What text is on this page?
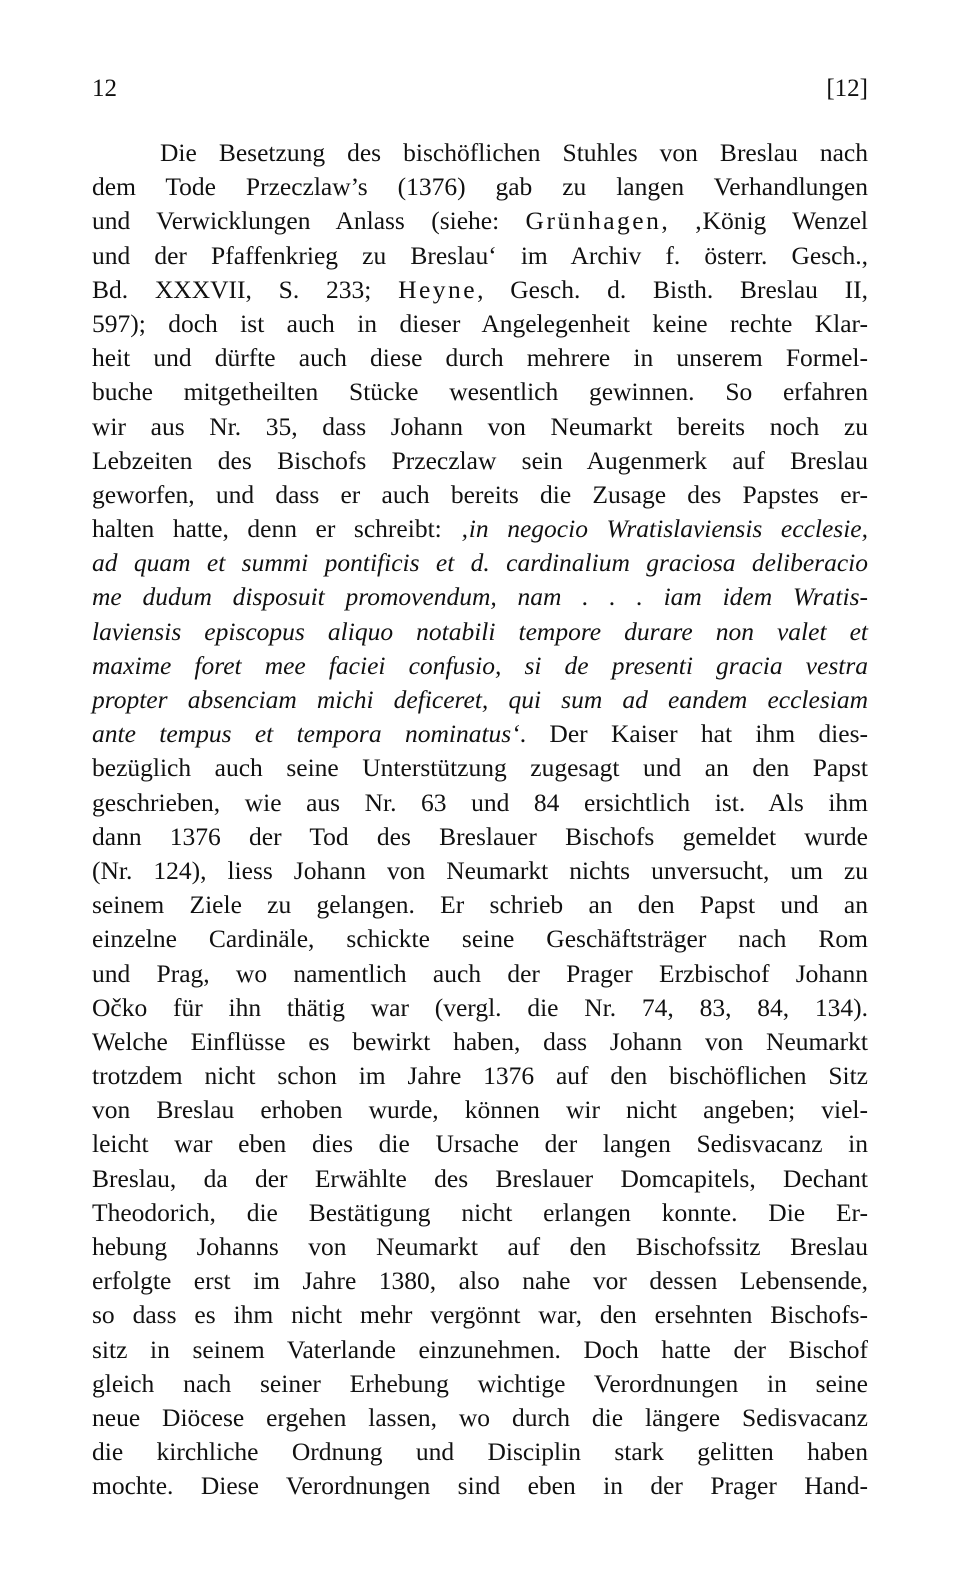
12	[12]
Die Besetzung des bischöflichen Stuhles von Breslau nach
dem Tode Przeczlaw’s (1376) gab zu langen Verhandlungen
und Verwicklungen Anlass (siehe: Grünhagen, ‚König Wenzel
und der Pfaffenkrieg zu Breslau‘ im Archiv f. österr. Gesch.,
Bd. XXXVII, S. 233; Heyne, Gesch. d. Bisth. Breslau II,
597); doch ist auch in dieser Angelegenheit keine rechte Klar-
heit und dürfte auch diese durch mehrere in unserem Formel-
buche mitgetheilten Stücke wesentlich gewinnen. So erfahren
wir aus Nr. 35, dass Johann von Neumarkt bereits noch zu
Lebzeiten des Bischofs Przeczlaw sein Augenmerk auf Breslau
geworfen, und dass er auch bereits die Zusage des Papstes er-
halten hatte, denn er schreibt: ‚in negocio Wratislaviensis ecclesie,
ad quam et summi pontificis et d. cardinalium graciosa deliberacio
me dudum disposuit promovendum, nam . . . iam idem Wratis-
laviensis episcopus aliquo notabili tempore durare non valet et
maxime foret mee faciei confusio, si de presenti gracia vestra
propter absenciam michi deficeret, qui sum ad eandem ecclesiam
ante tempus et tempora nominatus‘. Der Kaiser hat ihm dies-
bezüglich auch seine Unterstützung zugesagt und an den Papst
geschrieben, wie aus Nr. 63 und 84 ersichtlich ist. Als ihm
dann 1376 der Tod des Breslauer Bischofs gemeldet wurde
(Nr. 124), liess Johann von Neumarkt nichts unversucht, um zu
seinem Ziele zu gelangen. Er schrieb an den Papst und an
einzelne Cardinäle, schickte seine Geschäftsträger nach Rom
und Prag, wo namentlich auch der Prager Erzbischof Johann
Očko für ihn thätig war (vergl. die Nr. 74, 83, 84, 134).
Welche Einflüsse es bewirkt haben, dass Johann von Neumarkt
trotzdem nicht schon im Jahre 1376 auf den bischöflichen Sitz
von Breslau erhoben wurde, können wir nicht angeben; viel-
leicht war eben dies die Ursache der langen Sedisvacanz in
Breslau, da der Erwählte des Breslauer Domcapitels, Dechant
Theodorich, die Bestätigung nicht erlangen konnte. Die Er-
hebung Johanns von Neumarkt auf den Bischofssitz Breslau
erfolgte erst im Jahre 1380, also nahe vor dessen Lebensende,
so dass es ihm nicht mehr vergönnt war, den ersehnten Bischofs-
sitz in seinem Vaterlande einzunehmen. Doch hatte der Bischof
gleich nach seiner Erhebung wichtige Verordnungen in seine
neue Diöcese ergehen lassen, wo durch die längere Sedisvacanz
die kirchliche Ordnung und Disciplin stark gelitten haben
mochte. Diese Verordnungen sind eben in der Prager Hand-
